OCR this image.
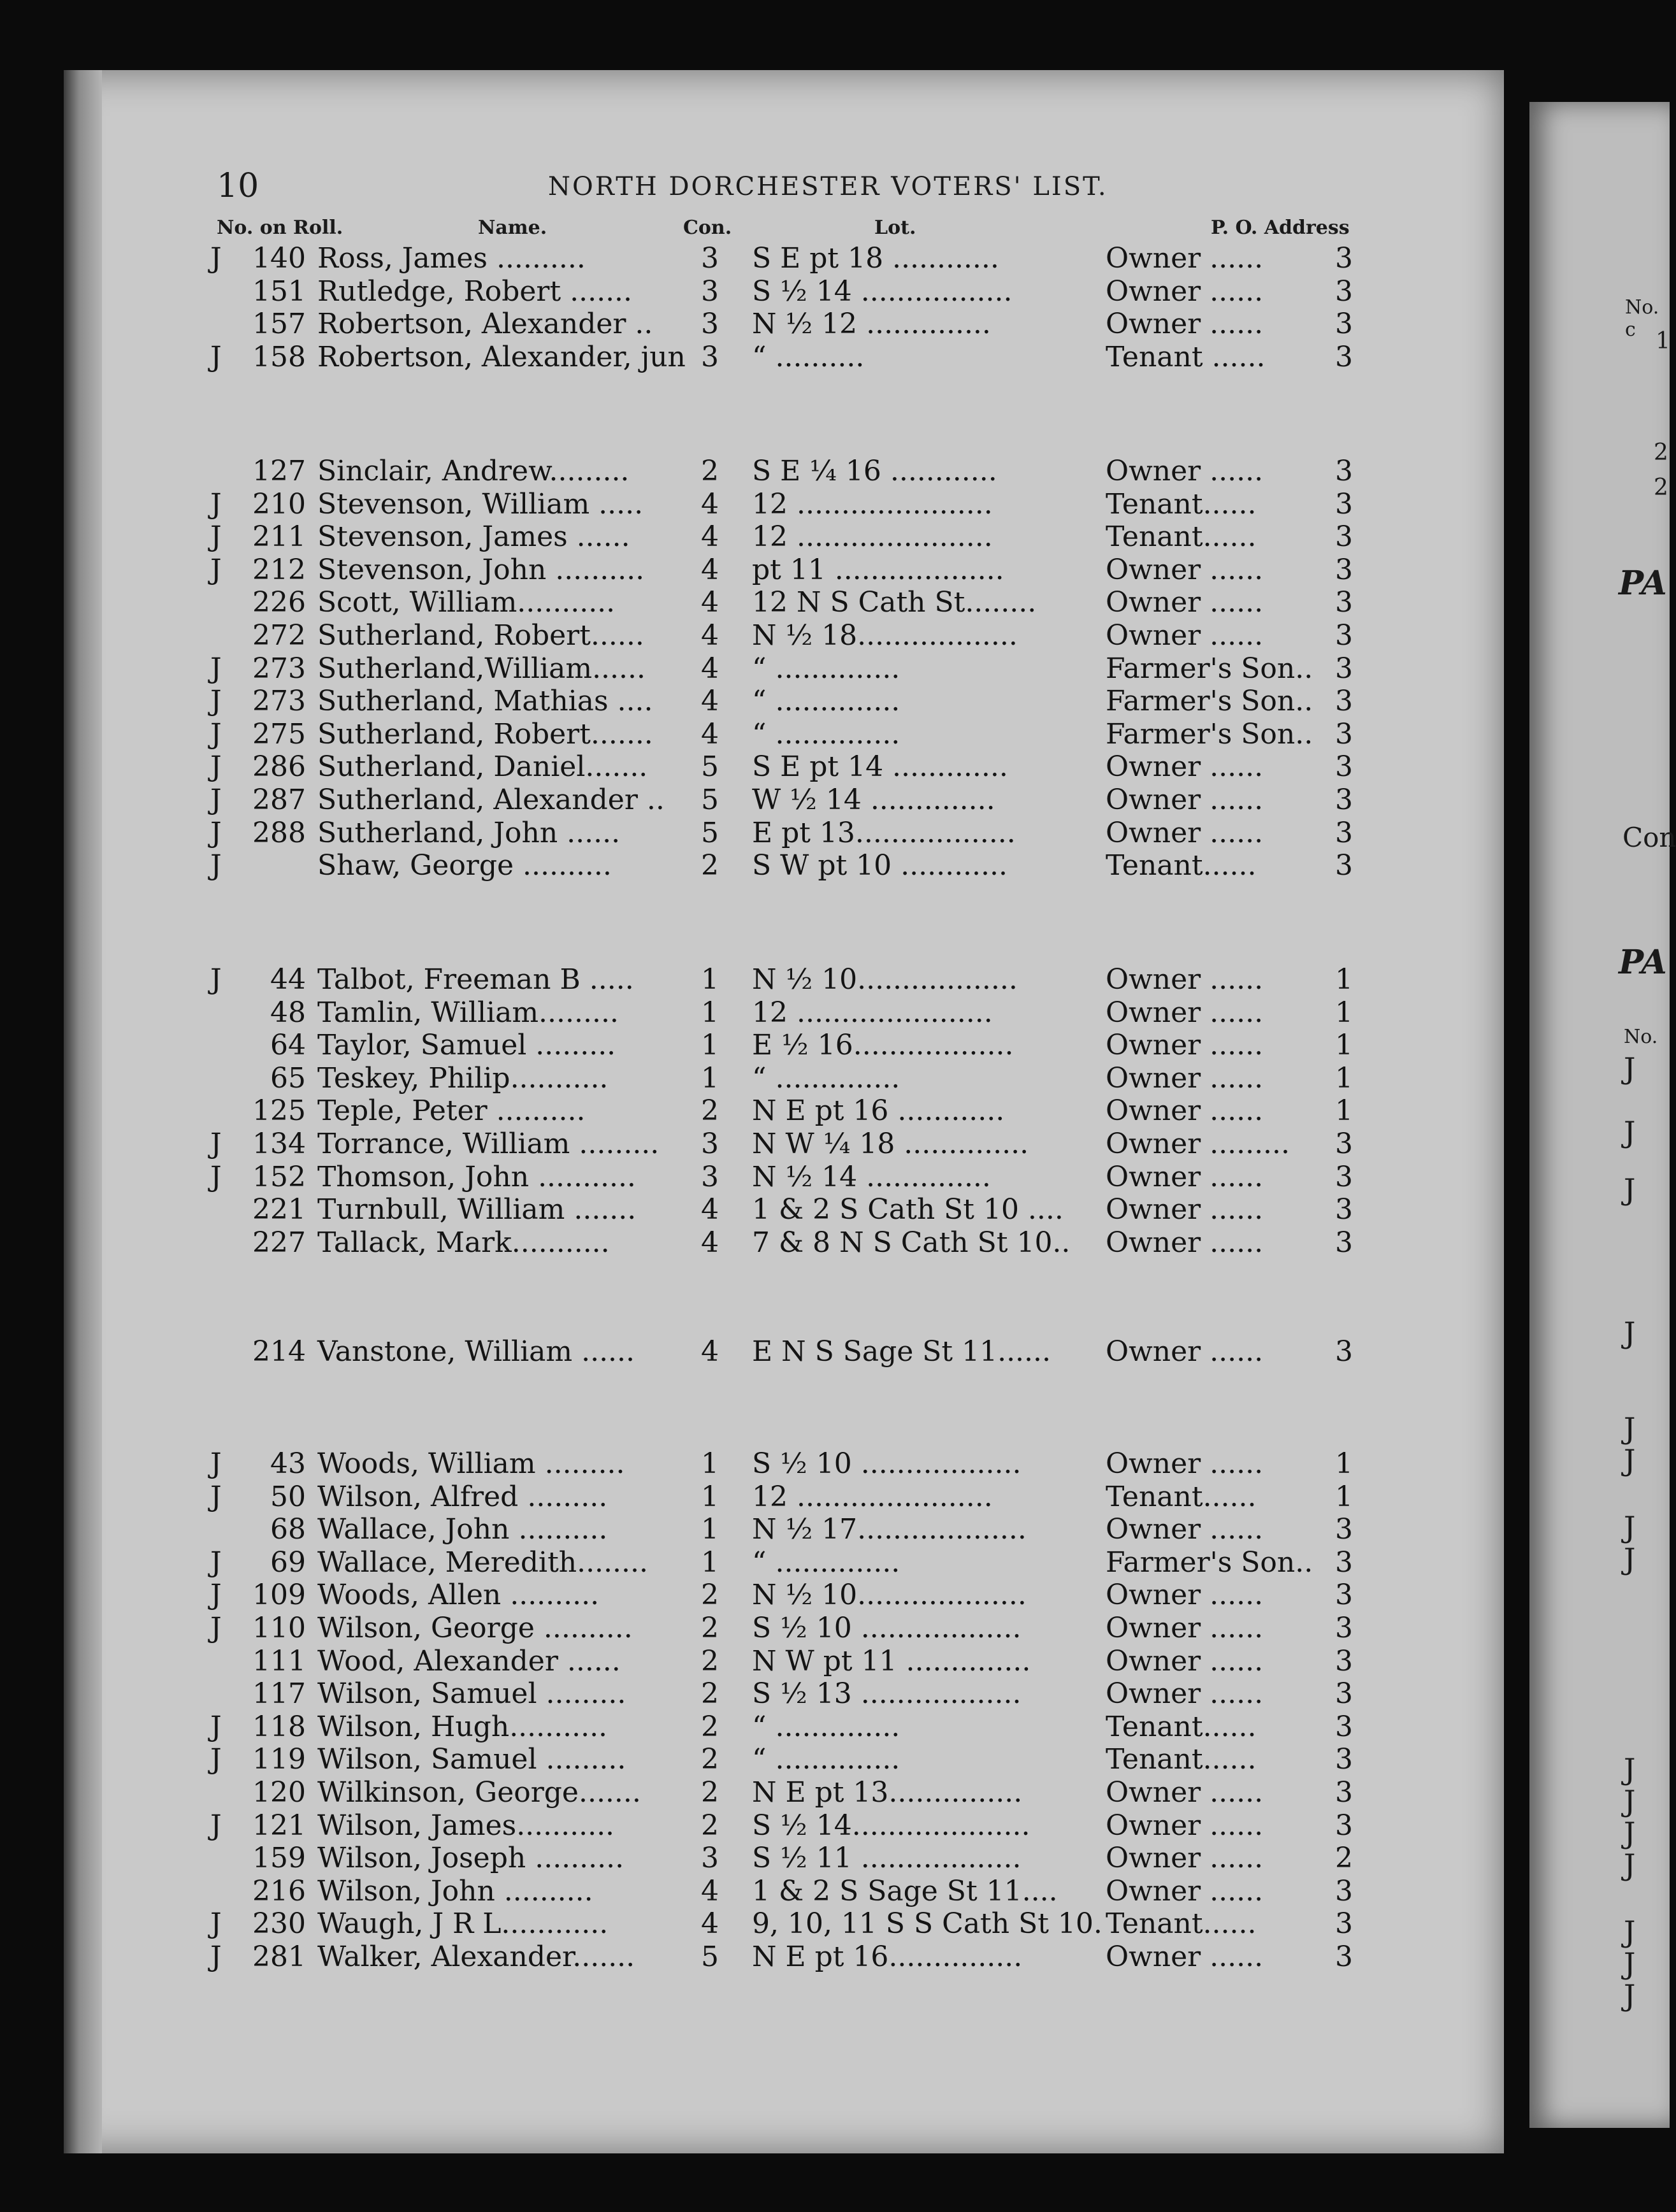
10	NORTH DORCHESTER VOTERS' LIST.
No. on Roll.	Name.	Con.	Lot.	P. O. Address
J 140 Ross, James ..........	3 S E pt 18 ............	Owner ......	3
151 Rutledge, Robert ....... 3 S ½ 14 .................	Owner ......	3
157 Robertson, Alexander .. 3 N ½ 12 ..............	Owner ......	3
J 158 Robertson, Alexander, jun 3 “ ..........	Tenant ...... 3
127 Sinclair, Andrew.........	2 S E ¼ 16 ............	Owner ......	3
J 210 Stevenson, William ..... 4 12 ......................	Tenant......	3
J 211 Stevenson, James ......	4 12 ......................	Tenant......	3
J 212 Stevenson, John .......... 4 pt 11 ...................	Owner ......	3
226 Scott, William...........	4 12 N S Cath St........ Owner ......	3
272 Sutherland, Robert...... 4 N ½ 18..................	Owner ......	3
J 273 Sutherland,William...... 4 “ ..............	Farmer's Son.. 3
J 273 Sutherland, Mathias .... 4 “ ..............	Farmer's Son.. 3
J 275 Sutherland, Robert....... 4 “ ..............	Farmer's Son.. 3
J 286 Sutherland, Daniel....... 5 S E pt 14 .............	Owner ......	3
J 287 Sutherland, Alexander .. 5 W ½ 14 ..............	Owner ......	3
J 288 Sutherland, John ......	5 E pt 13..................	Owner ......	3
J	Shaw, George ..........	2 S W pt 10 ............	Tenant......	3
J 44 Talbot, Freeman B ..... 1 N ½ 10..................	Owner ......	1
48 Tamlin, William.........	1 12 ......................	Owner ......	1
64 Taylor, Samuel .........	1 E ½ 16..................	Owner ......	1
65 Teskey, Philip...........	1 “ ..............	Owner ......	1
125 Teple, Peter ..........	2 N E pt 16 ............	Owner ......	1
J 134 Torrance, William ......... 3 N W ¼ 18 ..............	Owner ......... 3
J 152 Thomson, John ........... 3 N ½ 14 ..............	Owner ......	3
221 Turnbull, William ....... 4 1 & 2 S Cath St 10 .... Owner ......	3
227 Tallack, Mark...........	4 7 & 8 N S Cath St 10.. Owner ......	3
214 Vanstone, William ...... 4 E N S Sage St 11...... Owner ......	3
J 43 Woods, William .........	1 S ½ 10 ..................	Owner ......	1
J 50 Wilson, Alfred .........	1 12 ......................	Tenant......	1
68 Wallace, John ..........	1 N ½ 17...................	Owner ......	3
J 69 Wallace, Meredith........ 1 “ ..............	Farmer's Son.. 3
J 109 Woods, Allen ..........	2 N ½ 10...................	Owner ......	3
J 110 Wilson, George .......... 2 S ½ 10 ..................	Owner ......	3
111 Wood, Alexander ......	2 N W pt 11 ..............	Owner ......	3
117 Wilson, Samuel .........	2 S ½ 13 ..................	Owner ......	3
J 118 Wilson, Hugh...........	2 “ ..............	Tenant......	3
J 119 Wilson, Samuel .........	2 “ ..............	Tenant......	3
120 Wilkinson, George....... 2 N E pt 13...............	Owner ......	3
J 121 Wilson, James...........	2 S ½ 14....................	Owner ......	3
159 Wilson, Joseph ..........	3 S ½ 11 ..................	Owner ......	2
216 Wilson, John ..........	4 1 & 2 S Sage St 11.... Owner ......	3
J 230 Waugh, J R L............	4 9, 10, 11 S S Cath St 10. Tenant......	3
J 281 Walker, Alexander....... 5 N E pt 16...............	Owner ......	3
No. c 1
2
2
PA
Con
PA
No.
J
J
J
J
J
J
J
J
J
J
J
J
J
J
J
